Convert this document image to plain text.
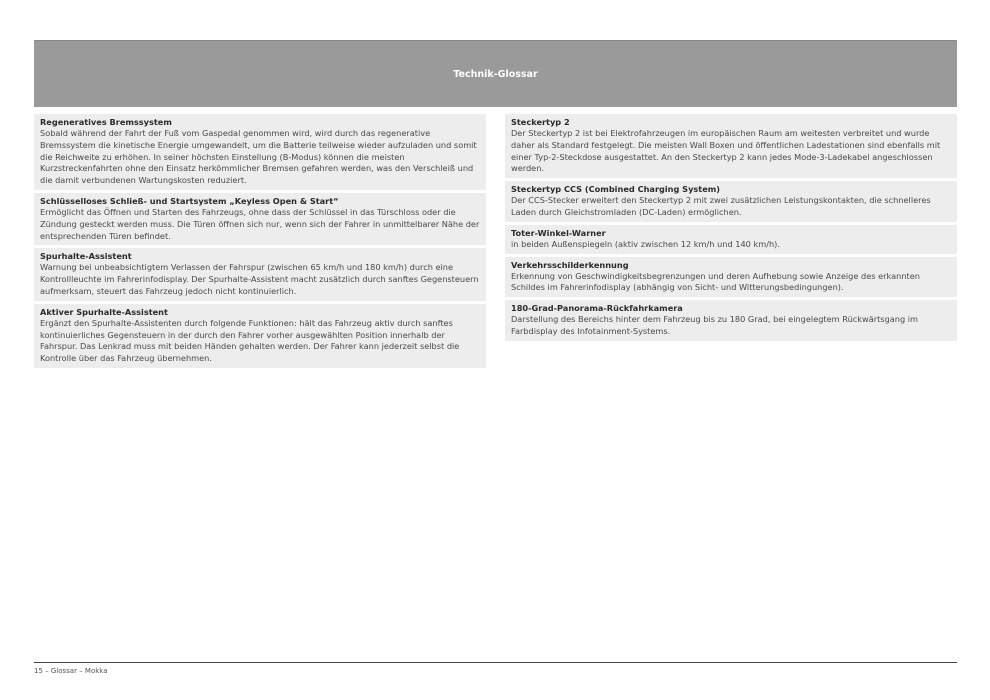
Technik-Glossar
Regeneratives Bremssystem
Sobald während der Fahrt der Fuß vom Gaspedal genommen wird, wird durch das regenerative Bremssystem die kinetische Energie umgewandelt, um die Batterie teilweise wieder aufzuladen und somit die Reichweite zu erhöhen. In seiner höchsten Einstellung (B-Modus) können die meisten Kurzstreckenfahrten ohne den Einsatz herkömmlicher Bremsen gefahren werden, was den Verschleiß und die damit verbundenen Wartungskosten reduziert.
Schlüsselloses Schließ- und Startsystem „Keyless Open & Start“
Ermöglicht das Öffnen und Starten des Fahrzeugs, ohne dass der Schlüssel in das Türschloss oder die Zündung gesteckt werden muss. Die Türen öffnen sich nur, wenn sich der Fahrer in unmittelbarer Nähe der entsprechenden Türen befindet.
Spurhalte-Assistent
Warnung bei unbeabsichtigtem Verlassen der Fahrspur (zwischen 65 km/h und 180 km/h) durch eine Kontrollleuchte im Fahrerinfodisplay. Der Spurhalte-Assistent macht zusätzlich durch sanftes Gegensteuern aufmerksam, steuert das Fahrzeug jedoch nicht kontinuierlich.
Aktiver Spurhalte-Assistent
Ergänzt den Spurhalte-Assistenten durch folgende Funktionen: hält das Fahrzeug aktiv durch sanftes kontinuierliches Gegensteuern in der durch den Fahrer vorher ausgewählten Position innerhalb der Fahrspur. Das Lenkrad muss mit beiden Händen gehalten werden. Der Fahrer kann jederzeit selbst die Kontrolle über das Fahrzeug übernehmen.
Steckertyp 2
Der Steckertyp 2 ist bei Elektrofahrzeugen im europäischen Raum am weitesten verbreitet und wurde daher als Standard festgelegt. Die meisten Wall Boxen und öffentlichen Ladestationen sind ebenfalls mit einer Typ-2-Steckdose ausgestattet. An den Steckertyp 2 kann jedes Mode-3-Ladekabel angeschlossen werden.
Steckertyp CCS (Combined Charging System)
Der CCS-Stecker erweitert den Steckertyp 2 mit zwei zusätzlichen Leistungskontakten, die schnelleres Laden durch Gleichstromladen (DC-Laden) ermöglichen.
Toter-Winkel-Warner
in beiden Außenspiegeln (aktiv zwischen 12 km/h und 140 km/h).
Verkehrsschilderkennung
Erkennung von Geschwindigkeitsbegrenzungen und deren Aufhebung sowie Anzeige des erkannten Schildes im Fahrerinfodisplay (abhängig von Sicht- und Witterungsbedingungen).
180-Grad-Panorama-Rückfahrkamera
Darstellung des Bereichs hinter dem Fahrzeug bis zu 180 Grad, bei eingelegtem Rückwärtsgang im Farbdisplay des Infotainment-Systems.
15 – Glossar – Mokka
